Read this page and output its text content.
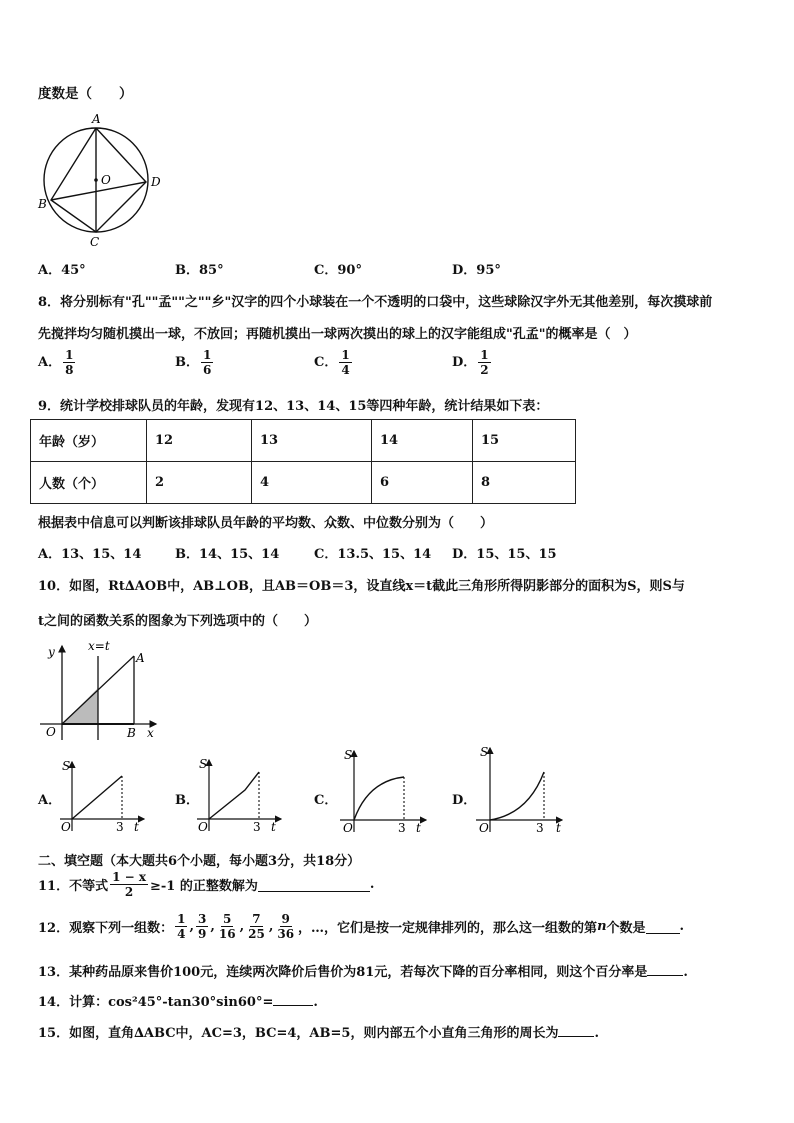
度数是（　　）
A
O	D
B
C
A．45°	B．85°	C．90°	D．95°
8．将分别标有"孔""孟""之""乡"汉字的四个小球装在一个不透明的口袋中，这些球除汉字外无其他差别，每次摸球前
先搅拌均匀随机摸出一球，不放回；再随机摸出一球两次摸出的球上的汉字能组成"孔孟"的概率是（　）
A． $\frac{1}{8}$	B． $\frac{1}{6}$	C． $\frac{1}{4}$	D． $\frac{1}{2}$
9．统计学校排球队员的年龄，发现有12、13、14、15等四种年龄，统计结果如下表：
年龄（岁）	12	13	14	15
人数（个）	2	4	6	8
根据表中信息可以判断该排球队员年龄的平均数、众数、中位数分别为（　　）
A．13、15、14	B．14、15、14	C．13.5、15、14 D．15、15、15
10．如图，Rt∆AOB中，AB⊥OB，且AB＝OB＝3，设直线x＝t截此三角形所得阴影部分的面积为S，则S与
t之间的函数关系的图象为下列选项中的（　　）
y	x=t
A
O	B x
A．	B．	C．	D．
S
O	3 t
S
O	3 t
S
O	3 t
S
O	3 t
二、填空题（本大题共6个小题，每小题3分，共18分）
11．不等式 $\frac{1 - x}{2} \ge-1$ 的正整数解为	.
12．观察下列一组数： $\frac{1}{4}$ , $\frac{3}{9}$ , $\frac{5}{16}$ , $\frac{7}{25}$ , $\frac{9}{36}$ ，…，它们是按一定规律排列的，那么这一组数的第 n 个数是	.
13．某种药品原来售价100元，连续两次降价后售价为81元，若每次下降的百分率相同，则这个百分率是	.
14．计算：cos²45°-tan30°sin60°=	.
15．如图，直角∆ABC中，AC=3，BC=4，AB=5，则内部五个小直角三角形的周长为	.
